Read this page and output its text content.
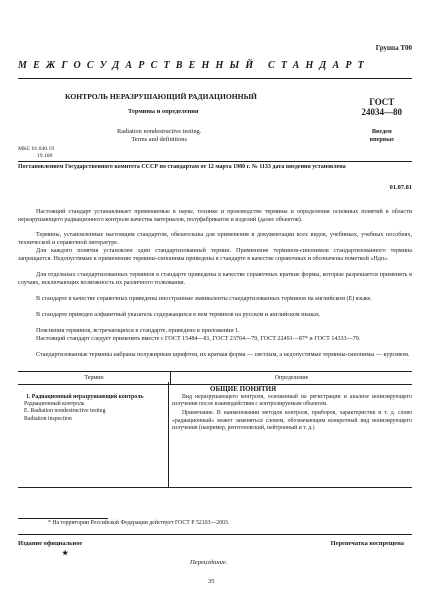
Группа Т00
МЕЖГОСУДАРСТВЕННЫЙ СТАНДАРТ
КОНТРОЛЬ НЕРАЗРУШАЮЩИЙ РАДИАЦИОННЫЙ
Термины и определения
ГОСТ
24034—80
Radiation nondestructive testing.
Terms and definitions
Введен
впервые
МКС 01.040.19
19.100
Постановлением Государственного комитета СССР по стандартам от 12 марта 1980 г. № 1133 дата введения установлена
01.07.81
Настоящий стандарт устанавливает применяемые в науке, технике и производстве термины и определения основных понятий в области неразрушающего радиационного контроля качества материалов, полуфабрикатов и изделий (далее объектов).
Термины, установленные настоящим стандартом, обязательны для применения в документации всех видов, учебниках, учебных пособиях, технической и справочной литературе.
Для каждого понятия установлен один стандартизованный термин. Применение терминов-синонимов стандартизованного термина запрещается. Недопустимые к применению термины-синонимы приведены в стандарте в качестве справочных и обозначены пометкой «Ндп».
Для отдельных стандартизованных терминов в стандарте приведены в качестве справочных краткие формы, которые разрешается применять в случаях, исключающих возможность их различного толкования.
В стандарте в качестве справочных приведены иностранные эквиваленты стандартизованных терминов на английском (Е) языке.
В стандарте приведен алфавитный указатель содержащихся в нем терминов на русском и английском языках.
Пояснения терминов, встречающихся в стандарте, приведено в приложении 1.
Настоящий стандарт следует применять вместе с ГОСТ 15484—81, ГОСТ 23764—79, ГОСТ 22491—87* и ГОСТ 14333—79.
Стандартизованные термины набраны полужирным шрифтом, их краткая форма — светлым, а недопустимые термины-синонимы — курсивом.
Термин	Определение
ОБЩИЕ ПОНЯТИЯ
1. Радиационный неразрушающий контроль
Радиационный контроль
E. Radiation nondestructive testing
Radiation inspection
Вид неразрушающего контроля, основанный на регистрации и анализе ионизирующего излучения после взаимодействия с контролируемым объектом.
Примечание. В наименовании методов контроля, приборов, характеристик и т. д. слово «радиационный» может заменяться словом, обозначающим конкретный вид ионизирующего излучения (например, рентгеновский, нейтронный и т. д.)
* На территории Российской Федерации действует ГОСТ Р 52103—2003.
Издание официальное
★
Перепечатка воспрещена
Переиздание.
35
